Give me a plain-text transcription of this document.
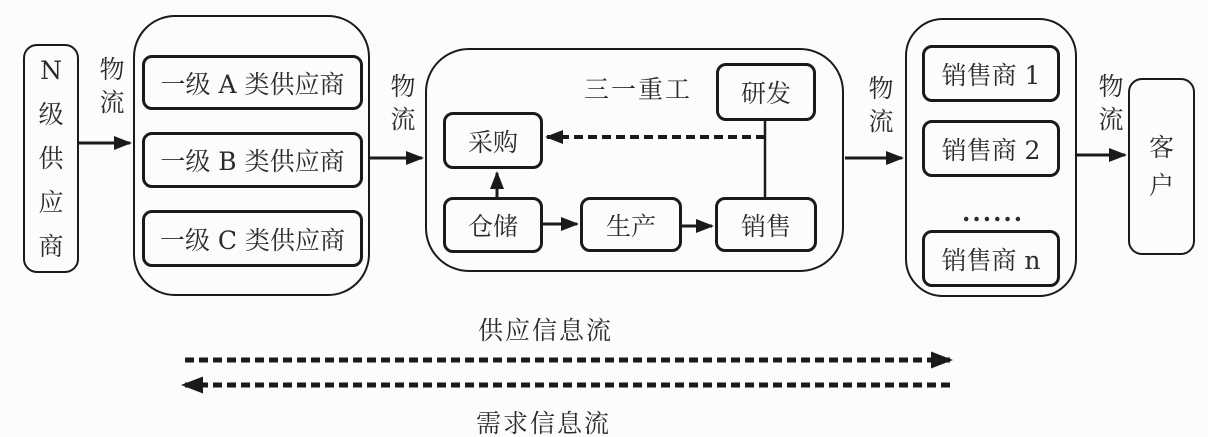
N级供应商
物流
物流
物流
物流
一级 A 类供应商
一级 B 类供应商
一级 C 类供应商
三一重工	研发
采购
仓储	生产	销售
销售商 1
销售商 2
......
销售商 n
客户
供应信息流
需求信息流
